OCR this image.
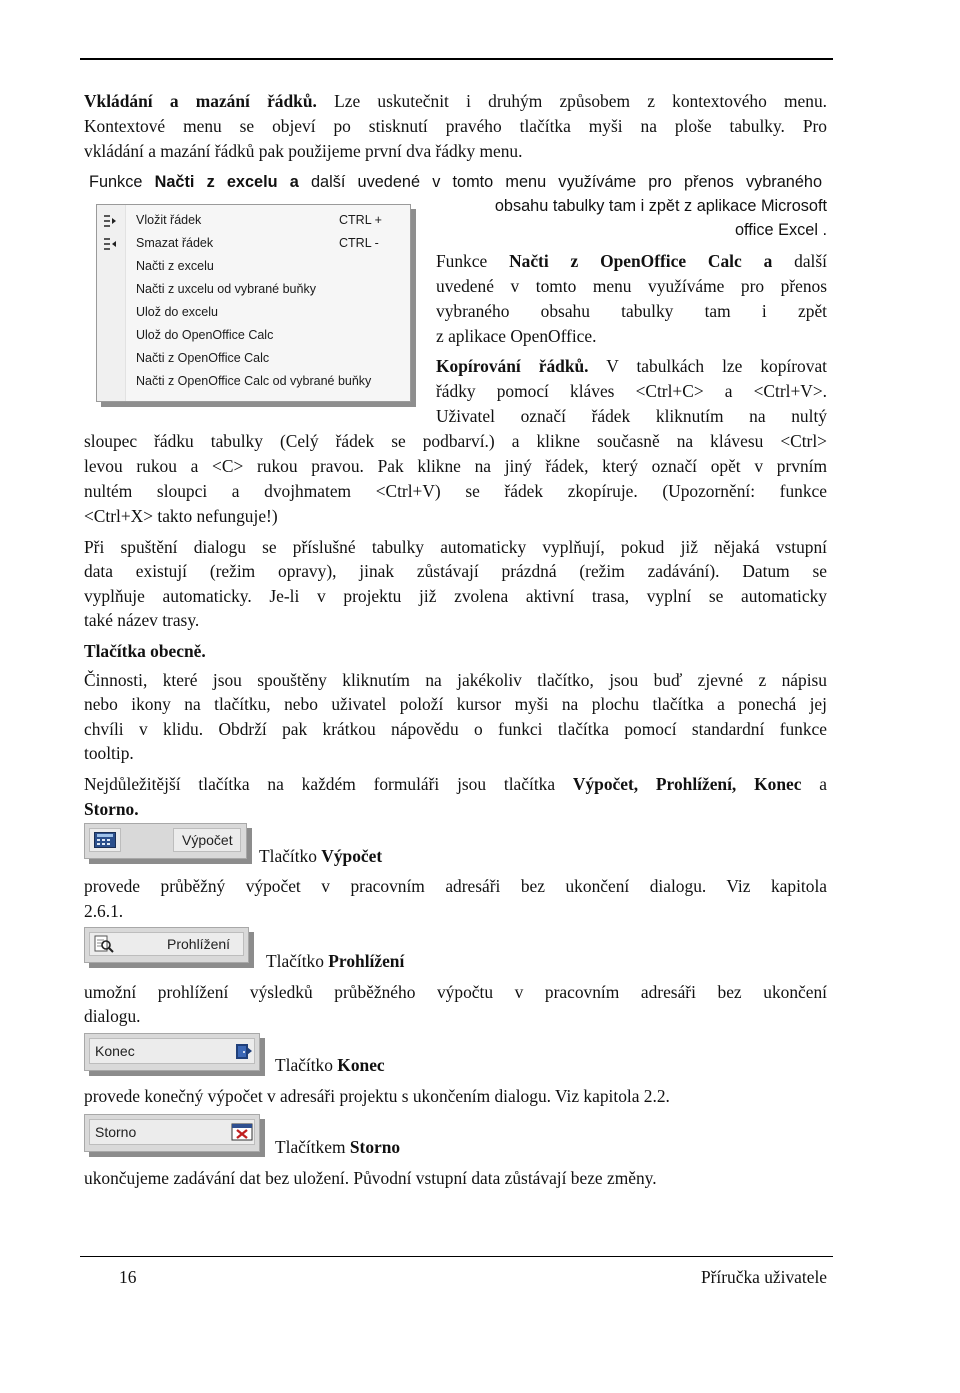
Vkládání a mazání řádků. Lze uskutečnit i druhým způsobem z kontextového menu.

Kontextové menu se objeví po stisknutí pravého tlačítka myši na ploše tabulky. Pro

vkládání a mazání řádků pak použijeme první dva řádky menu.

Funkce Načti z excelu a další uvedené v tomto menu využíváme pro přenos vybraného

obsahu tabulky tam i zpět z aplikace Microsoft

office Excel .

Vložit řádek	CTRL +
Smazat řádek	CTRL -
Načti z excelu
Načti z uxcelu od vybrané buňky
Ulož do excelu
Ulož do OpenOffice Calc
Načti z OpenOffice Calc
Načti z OpenOffice Calc od vybrané buňky

Funkce Načti z OpenOffice Calc a další

uvedené v tomto menu využíváme pro přenos

vybraného obsahu tabulky tam i zpět

z aplikace OpenOffice.

Kopírování řádků. V tabulkách lze kopírovat

řádky pomocí kláves <Ctrl+C> a <Ctrl+V>.

Uživatel označí řádek kliknutím na nultý

sloupec řádku tabulky (Celý řádek se podbarví.) a klikne současně na klávesu <Ctrl>

levou rukou a <C> rukou pravou. Pak klikne na jiný řádek, který označí opět v prvním

nultém sloupci a dvojhmatem <Ctrl+V) se řádek zkopíruje. (Upozornění: funkce

<Ctrl+X> takto nefunguje!)

Při spuštění dialogu se příslušné tabulky automaticky vyplňují, pokud již nějaká vstupní

data existují (režim opravy), jinak zůstávají prázdná (režim zadávání). Datum se

vyplňuje automaticky. Je-li v projektu již zvolena aktivní trasa, vyplní se automaticky

také název trasy.

Tlačítka obecně.

Činnosti, které jsou spouštěny kliknutím na jakékoliv tlačítko, jsou buď zjevné z nápisu

nebo ikony na tlačítku, nebo uživatel položí kursor myši na plochu tlačítka a ponechá jej

chvíli v klidu. Obdrží pak krátkou nápovědu o funkci tlačítka pomocí standardní funkce

tooltip.

Nejdůležitější tlačítka na každém formuláři jsou tlačítka Výpočet, Prohlížení, Konec a

Storno.

Výpočet

Tlačítko Výpočet

provede průběžný výpočet v pracovním adresáři bez ukončení dialogu. Viz kapitola

2.6.1.

Prohlížení

Tlačítko Prohlížení

umožní prohlížení výsledků průběžného výpočtu v pracovním adresáři bez ukončení

dialogu.

Konec

Tlačítko Konec

provede konečný výpočet v adresáři projektu s ukončením dialogu. Viz kapitola 2.2.

Storno

Tlačítkem Storno

ukončujeme zadávání dat bez uložení. Původní vstupní data zůstávají beze změny.

16	Příručka uživatele
